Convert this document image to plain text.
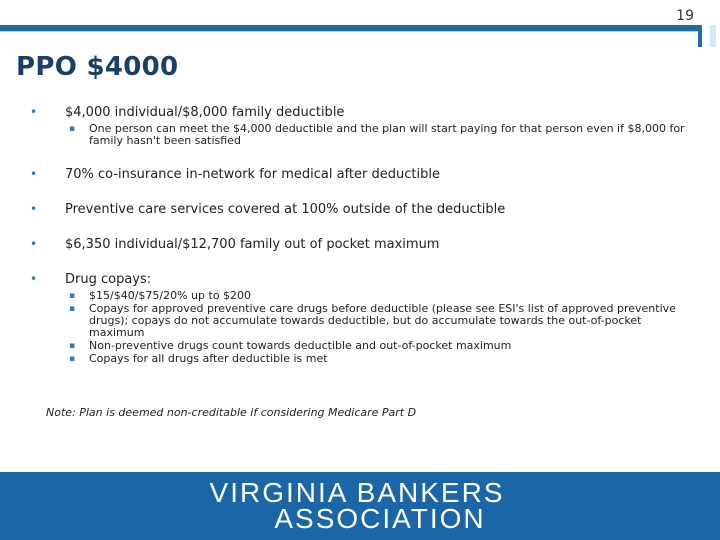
19
PPO $4000
• $4,000 individual/$8,000 family deductible
▪ One person can meet the $4,000 deductible and the plan will start paying for that person even if $8,000 for family hasn't been satisfied
• 70% co-insurance in-network for medical after deductible
• Preventive care services covered at 100% outside of the deductible
• $6,350 individual/$12,700 family out of pocket maximum
• Drug copays:
▪ $15/$40/$75/20% up to $200
▪ Copays for approved preventive care drugs before deductible (please see ESI's list of approved preventive drugs); copays do not accumulate towards deductible, but do accumulate towards the out-of-pocket maximum
▪ Non-preventive drugs count towards deductible and out-of-pocket maximum
▪ Copays for all drugs after deductible is met
Note: Plan is deemed non-creditable if considering Medicare Part D
VIRGINIA BANKERS
ASSOCIATION
